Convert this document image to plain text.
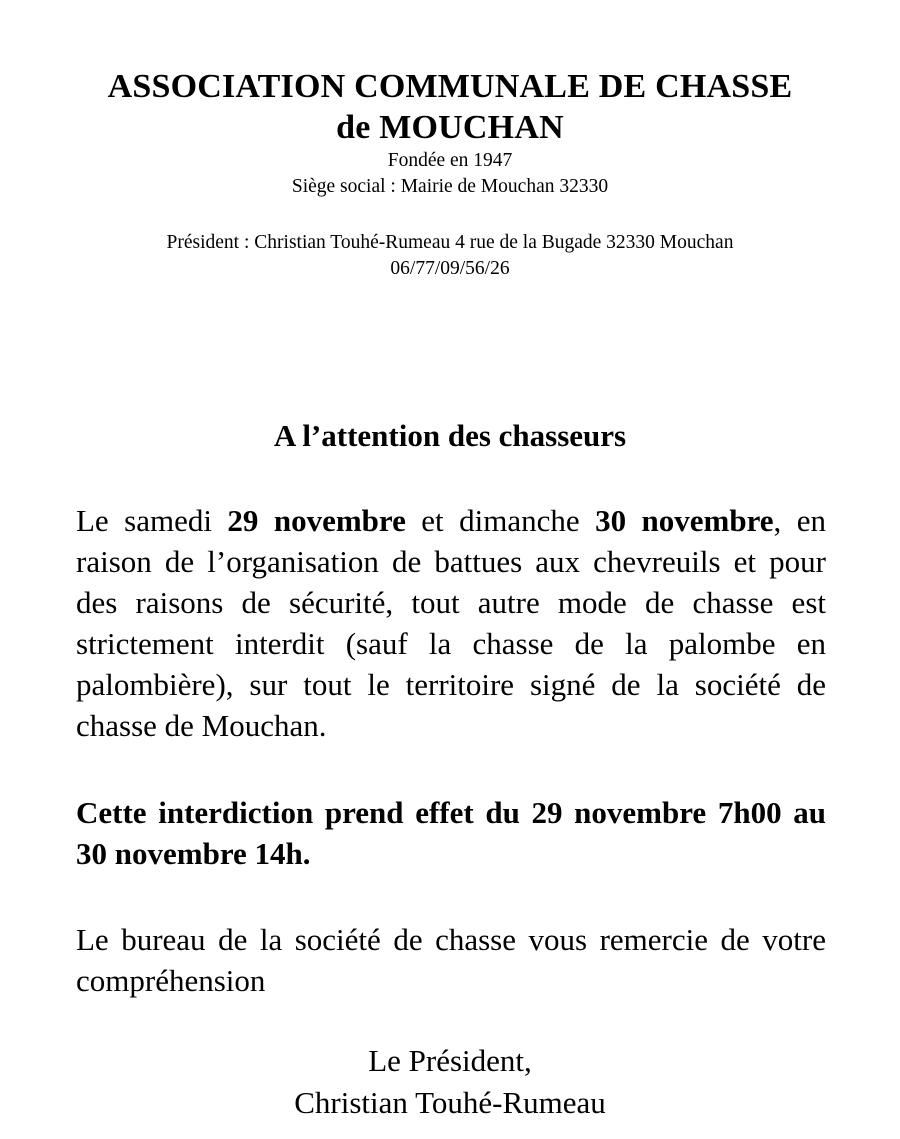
ASSOCIATION COMMUNALE DE CHASSE
de MOUCHAN
Fondée en 1947
Siège social : Mairie de Mouchan 32330
Président : Christian Touhé-Rumeau 4 rue de la Bugade 32330 Mouchan
06/77/09/56/26
A l’attention des chasseurs
Le samedi 29 novembre et dimanche 30 novembre, en raison de l’organisation de battues aux chevreuils et pour des raisons de sécurité, tout autre mode de chasse est strictement interdit (sauf la chasse de la palombe en palombière), sur tout le territoire signé de la société de chasse de Mouchan.
Cette interdiction prend effet du 29 novembre 7h00 au 30 novembre 14h.
Le bureau de la société de chasse vous remercie de votre compréhension
Le Président,
Christian Touhé-Rumeau
